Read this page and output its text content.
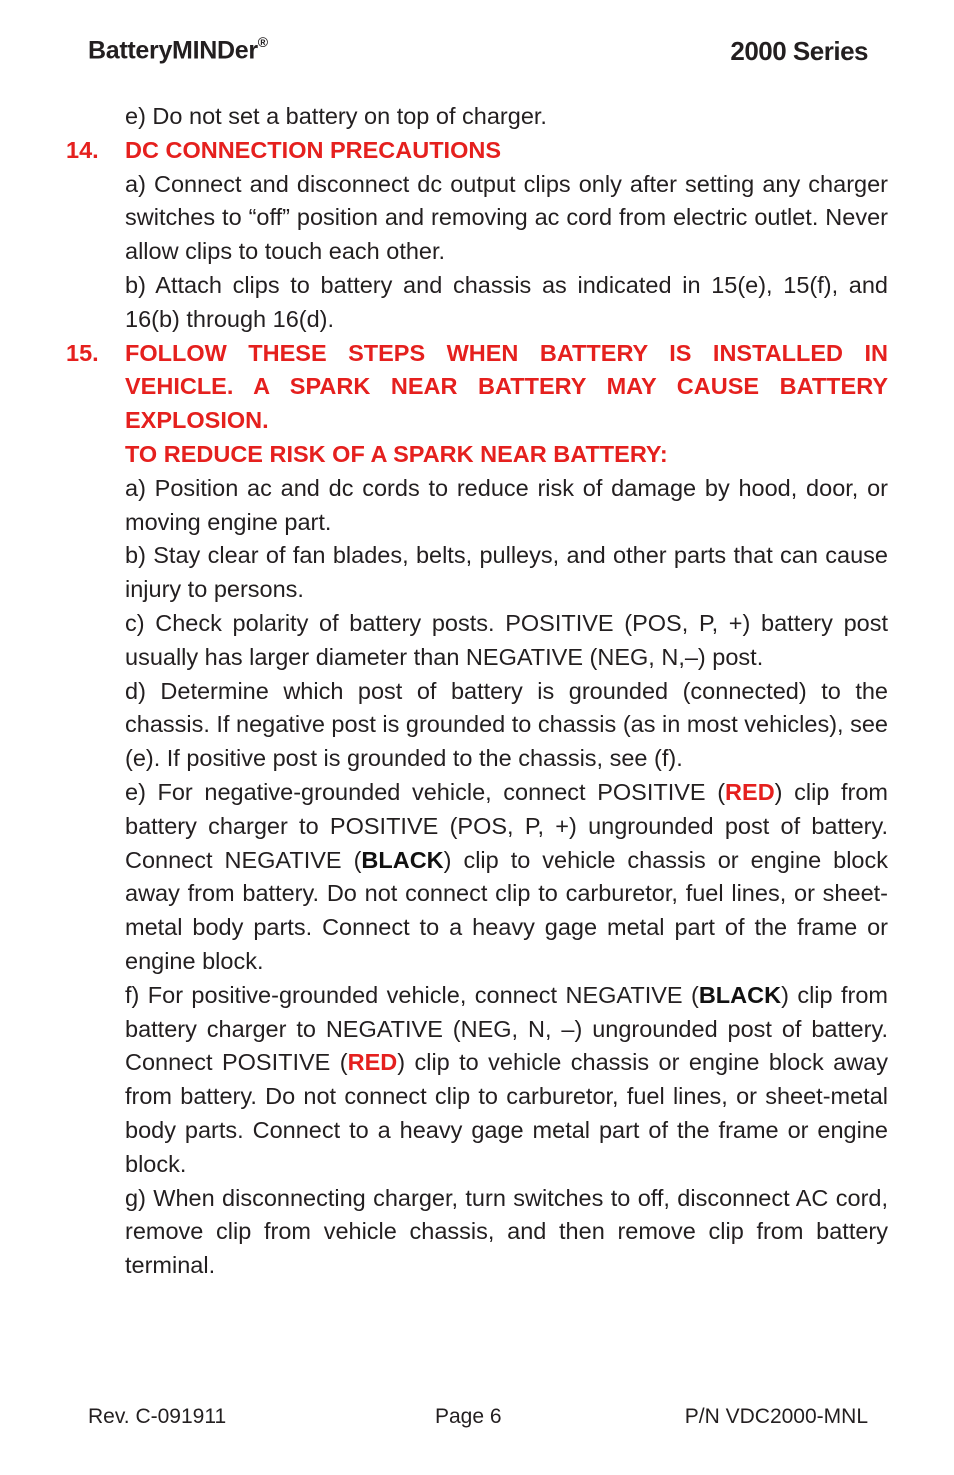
BatteryMINDer®	2000 Series
e) Do not set a battery on top of charger.
14. DC CONNECTION PRECAUTIONS
a) Connect and disconnect dc output clips only after setting any charger switches to “off” position and removing ac cord from electric outlet. Never allow clips to touch each other.
b) Attach clips to battery and chassis as indicated in 15(e), 15(f), and 16(b) through 16(d).
15. FOLLOW THESE STEPS WHEN BATTERY IS INSTALLED IN VEHICLE. A SPARK NEAR BATTERY MAY CAUSE BATTERY EXPLOSION.
TO REDUCE RISK OF A SPARK NEAR BATTERY:
a) Position ac and dc cords to reduce risk of damage by hood, door, or moving engine part.
b) Stay clear of fan blades, belts, pulleys, and other parts that can cause injury to persons.
c) Check polarity of battery posts. POSITIVE (POS, P, +) battery post usually has larger diameter than NEGATIVE (NEG, N,–) post.
d) Determine which post of battery is grounded (connected) to the chassis. If negative post is grounded to chassis (as in most vehicles), see (e). If positive post is grounded to the chassis, see (f).
e) For negative-grounded vehicle, connect POSITIVE (RED) clip from battery charger to POSITIVE (POS, P, +) ungrounded post of battery. Connect NEGATIVE (BLACK) clip to vehicle chassis or engine block away from battery. Do not connect clip to carburetor, fuel lines, or sheet-metal body parts. Connect to a heavy gage metal part of the frame or engine block.
f) For positive-grounded vehicle, connect NEGATIVE (BLACK) clip from battery charger to NEGATIVE (NEG, N, –) ungrounded post of battery. Connect POSITIVE (RED) clip to vehicle chassis or engine block away from battery. Do not connect clip to carburetor, fuel lines, or sheet-metal body parts. Connect to a heavy gage metal part of the frame or engine block.
g) When disconnecting charger, turn switches to off, disconnect AC cord, remove clip from vehicle chassis, and then remove clip from battery terminal.
Rev. C-091911	Page 6	P/N VDC2000-MNL
